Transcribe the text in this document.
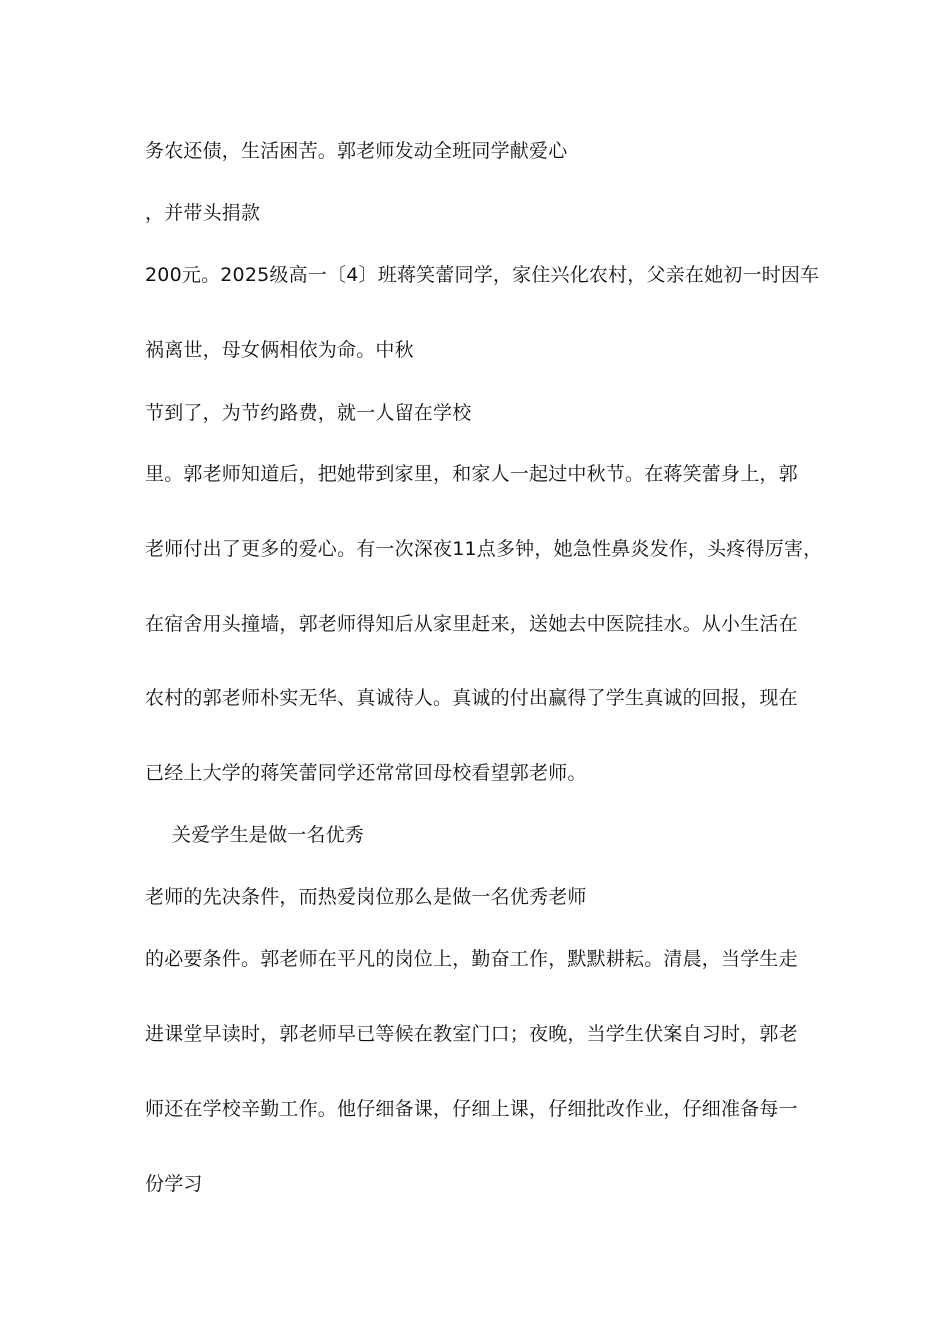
务农还债，生活困苦。郭老师发动全班同学献爱心
，并带头捐款
200元。2025级高一〔4〕班蒋笑蕾同学，家住兴化农村，父亲在她初一时因车
祸离世，母女俩相依为命。中秋
节到了，为节约路费，就一人留在学校
里。郭老师知道后，把她带到家里，和家人一起过中秋节。在蒋笑蕾身上，郭
老师付出了更多的爱心。有一次深夜11点多钟，她急性鼻炎发作，头疼得厉害，
在宿舍用头撞墙，郭老师得知后从家里赶来，送她去中医院挂水。从小生活在
农村的郭老师朴实无华、真诚待人。真诚的付出赢得了学生真诚的回报，现在
已经上大学的蒋笑蕾同学还常常回母校看望郭老师。
关爱学生是做一名优秀
老师的先决条件，而热爱岗位那么是做一名优秀老师
的必要条件。郭老师在平凡的岗位上，勤奋工作，默默耕耘。清晨，当学生走
进课堂早读时，郭老师早已等候在教室门口；夜晚，当学生伏案自习时，郭老
师还在学校辛勤工作。他仔细备课，仔细上课，仔细批改作业，仔细准备每一
份学习
